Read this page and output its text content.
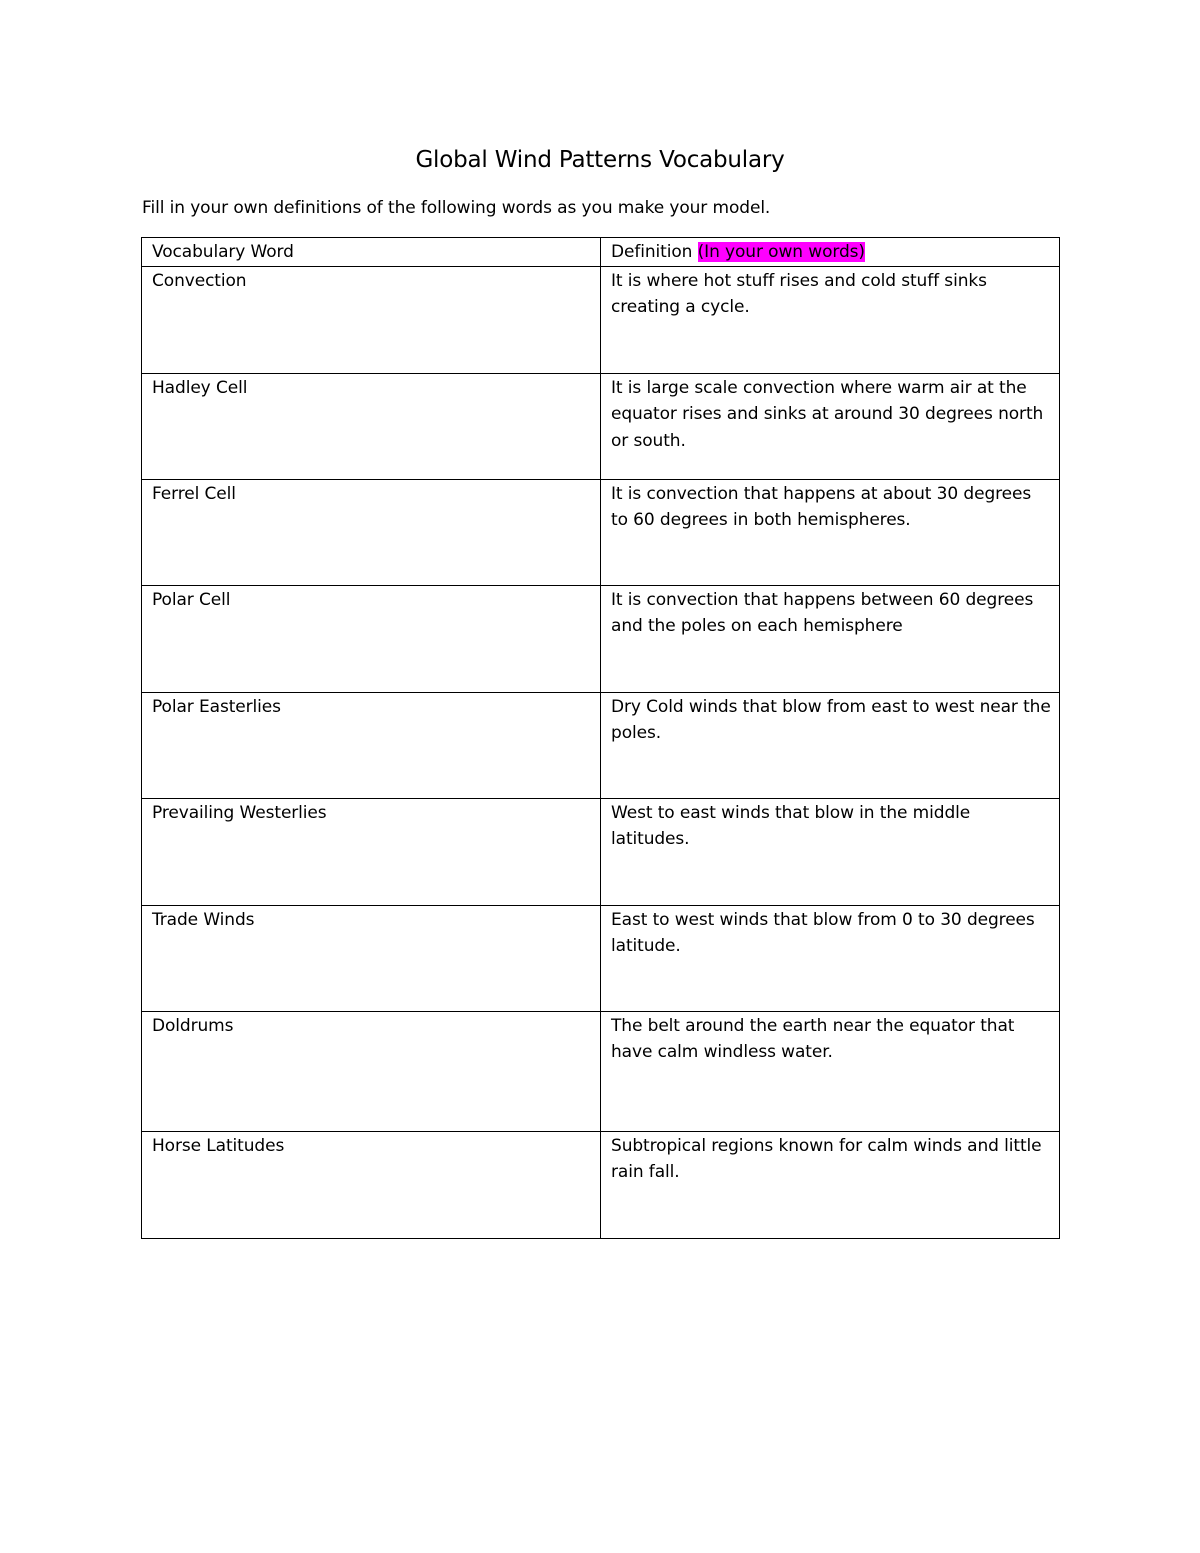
Global Wind Patterns Vocabulary
Fill in your own definitions of the following words as you make your model.
Vocabulary Word	Definition (In your own words)
Convection	It is where hot stuff rises and cold stuff sinks creating a cycle.
Hadley Cell	It is large scale convection where warm air at the equator rises and sinks at around 30 degrees north or south.
Ferrel Cell	It is convection that happens at about 30 degrees to 60 degrees in both hemispheres.
Polar Cell	It is convection that happens between 60 degrees and the poles on each hemisphere
Polar Easterlies	Dry Cold winds that blow from east to west near the poles.
Prevailing Westerlies	West to east winds that blow in the middle latitudes.
Trade Winds	East to west winds that blow from 0 to 30 degrees latitude.
Doldrums	The belt around the earth near the equator that have calm windless water.
Horse Latitudes	Subtropical regions known for calm winds and little rain fall.
